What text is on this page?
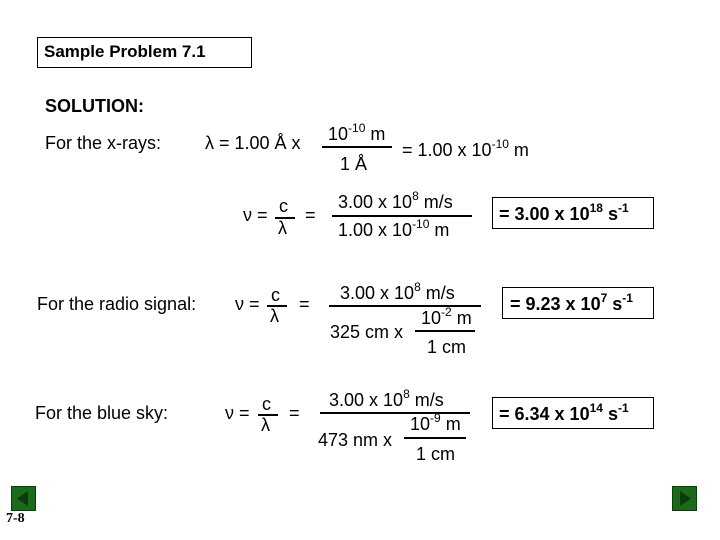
Sample Problem 7.1
SOLUTION:
For the x-rays: λ = 1.00 Å x $10^{-10}$ m
1 Å
= 1.00 x $10^{-10}$ m
ν = c
λ
=
3.00 x $10^8$ m/s
1.00 x $10^{-10}$ m
= 3.00 x $10^{18}$ $s^{-1}$
For the radio signal: ν = c
λ
=
3.00 x $10^8$ m/s
325 cm x
$10^{-2}$ m
1 cm
= 9.23 x $10^7$ $s^{-1}$
For the blue sky:	ν = c
λ
=
3.00 x $10^8$ m/s
473 nm x
$10^{-9}$ m
1 cm
= 6.34 x $10^{14}$ $s^{-1}$
7-8
